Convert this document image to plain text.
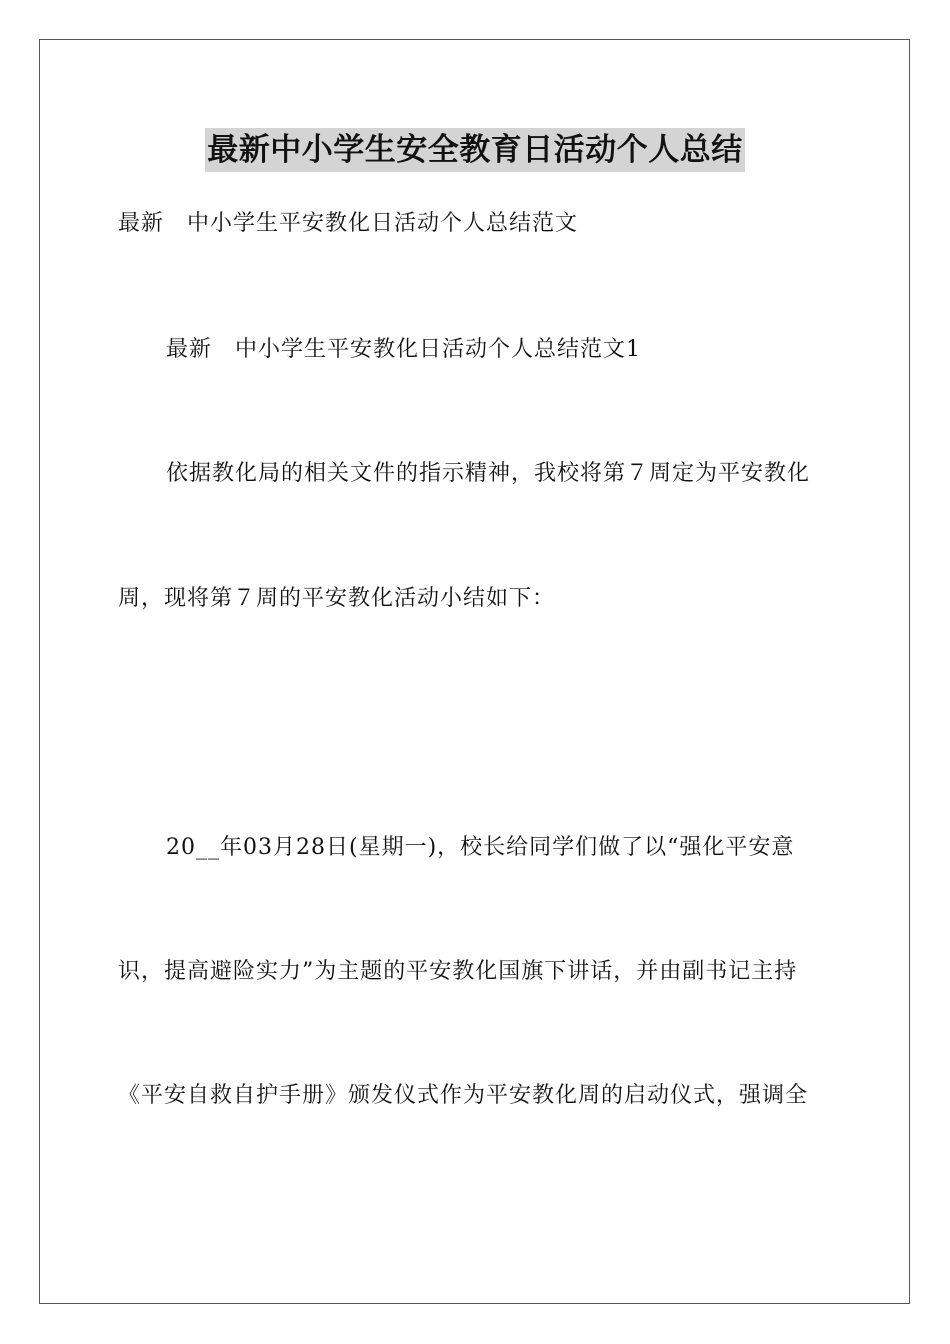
最新中小学生安全教育日活动个人总结
最新　中小学生平安教化日活动个人总结范文
最新　中小学生平安教化日活动个人总结范文1
依据教化局的相关文件的指示精神，我校将第７周定为平安教化
周，现将第７周的平安教化活动小结如下：
20__年03月28日(星期一)，校长给同学们做了以“强化平安意
识，提高避险实力”为主题的平安教化国旗下讲话，并由副书记主持
《平安自救自护手册》颁发仪式作为平安教化周的启动仪式，强调全
